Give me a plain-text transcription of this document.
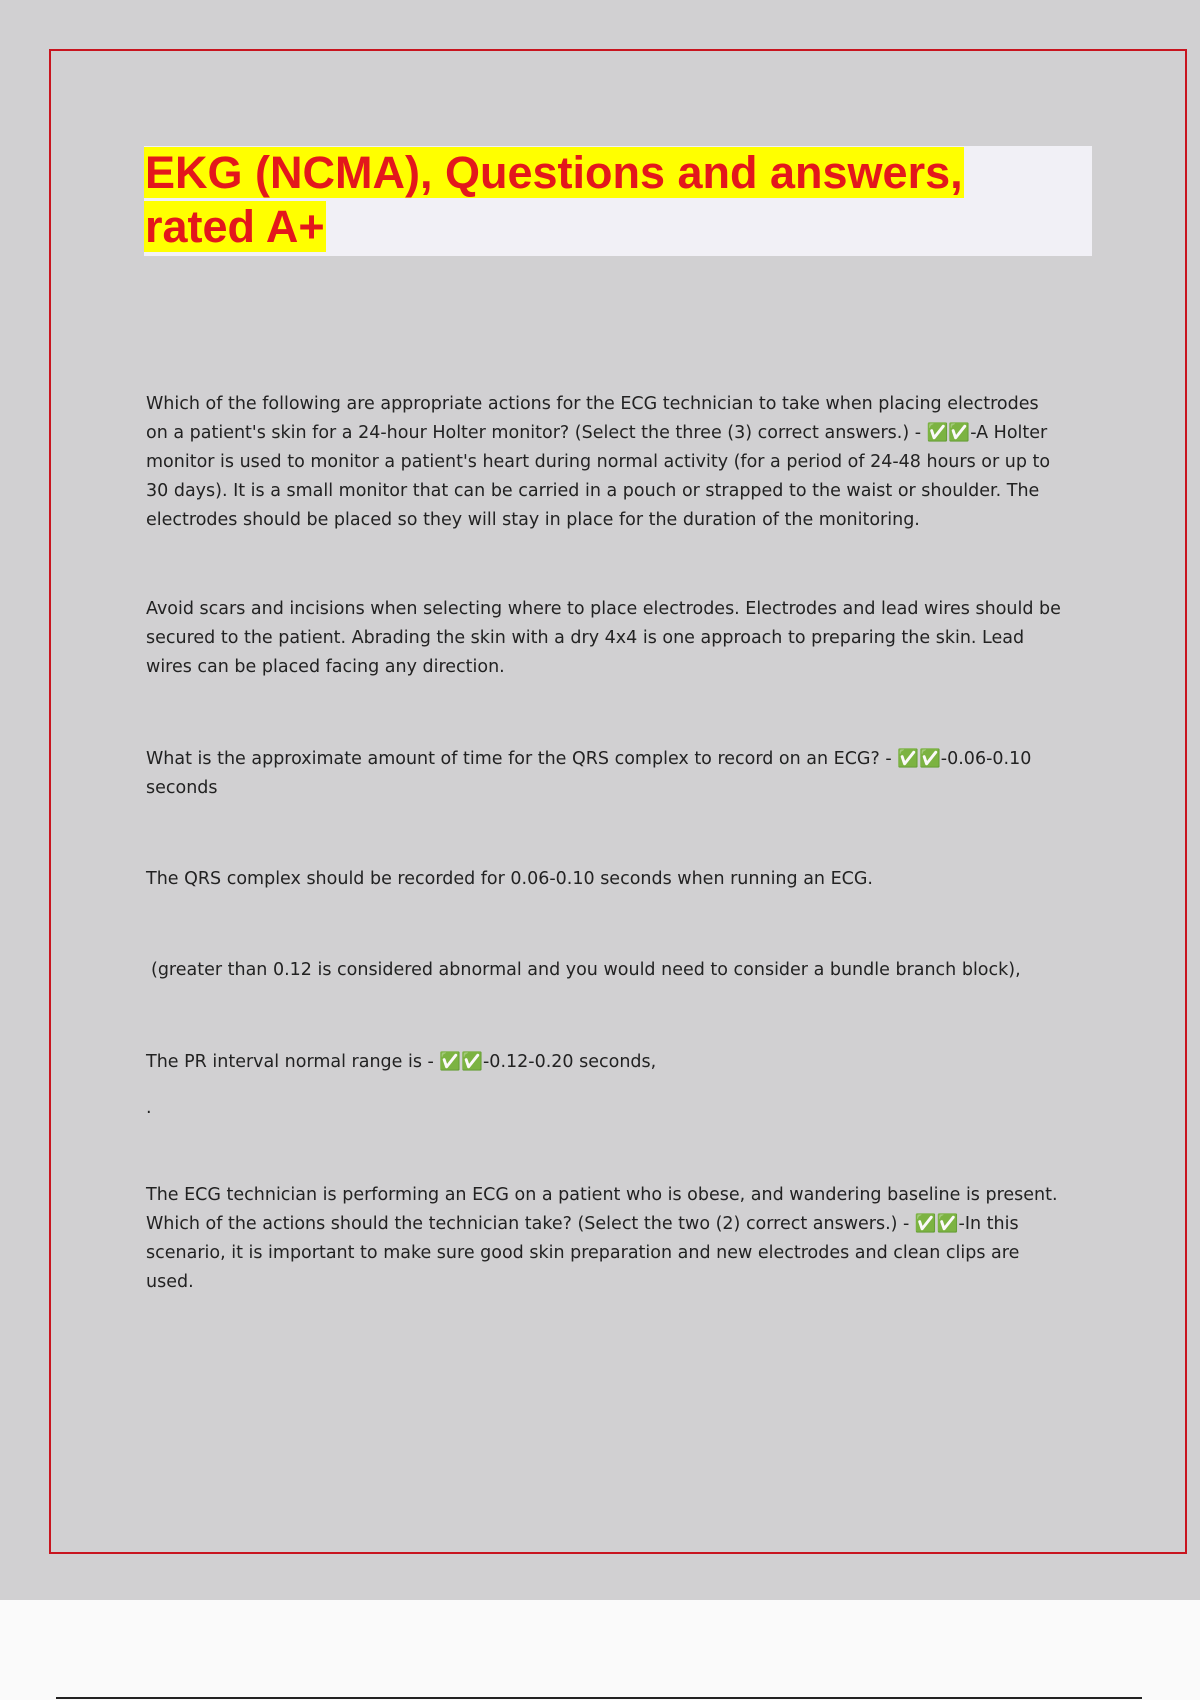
EKG (NCMA), Questions and answers,
rated A+

Which of the following are appropriate actions for the ECG technician to take when placing electrodes
on a patient's skin for a 24-hour Holter monitor? (Select the three (3) correct answers.) - ✅✅-A Holter
monitor is used to monitor a patient's heart during normal activity (for a period of 24-48 hours or up to
30 days). It is a small monitor that can be carried in a pouch or strapped to the waist or shoulder. The
electrodes should be placed so they will stay in place for the duration of the monitoring.

Avoid scars and incisions when selecting where to place electrodes. Electrodes and lead wires should be
secured to the patient. Abrading the skin with a dry 4x4 is one approach to preparing the skin. Lead
wires can be placed facing any direction.

What is the approximate amount of time for the QRS complex to record on an ECG? - ✅✅-0.06-0.10
seconds

The QRS complex should be recorded for 0.06-0.10 seconds when running an ECG.

(greater than 0.12 is considered abnormal and you would need to consider a bundle branch block),

The PR interval normal range is - ✅✅-0.12-0.20 seconds,

.

The ECG technician is performing an ECG on a patient who is obese, and wandering baseline is present.
Which of the actions should the technician take? (Select the two (2) correct answers.) - ✅✅-In this
scenario, it is important to make sure good skin preparation and new electrodes and clean clips are
used.
